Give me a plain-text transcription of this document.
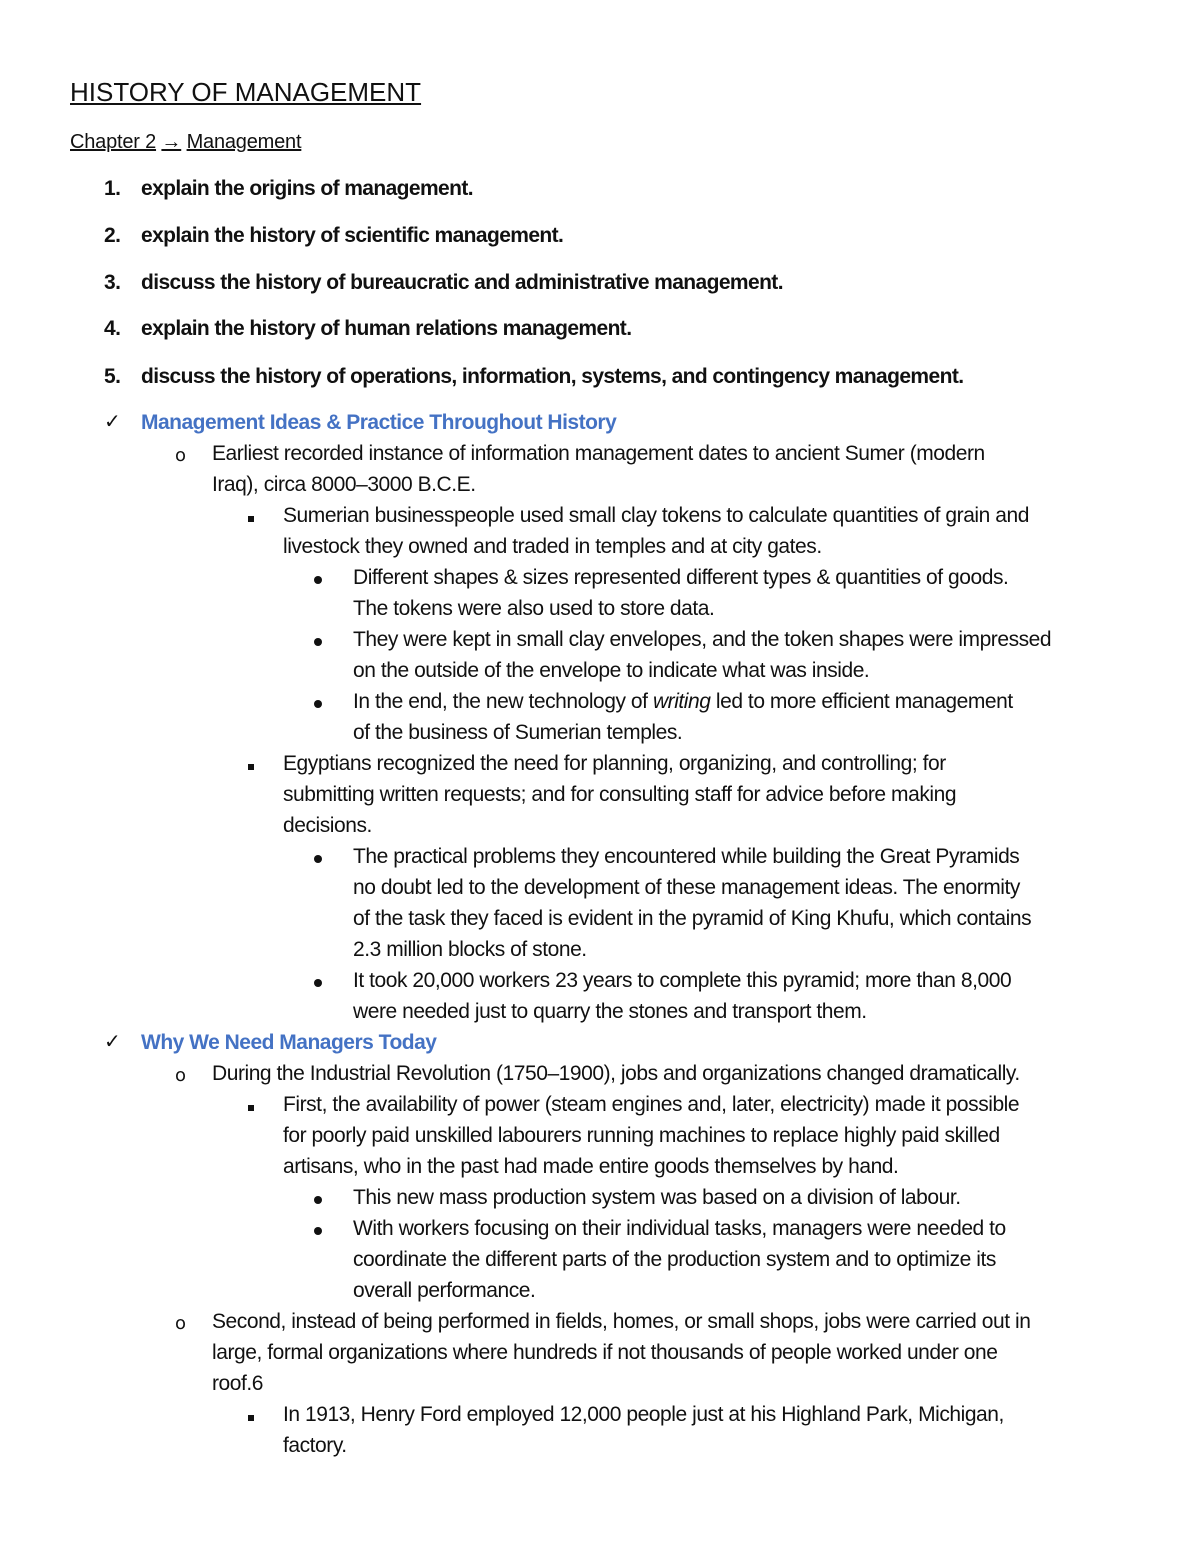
HISTORY OF MANAGEMENT
Chapter 2 → Management
1. explain the origins of management.
2. explain the history of scientific management.
3. discuss the history of bureaucratic and administrative management.
4. explain the history of human relations management.
5. discuss the history of operations, information, systems, and contingency management.
✓ Management Ideas & Practice Throughout History
o Earliest recorded instance of information management dates to ancient Sumer (modern
Iraq), circa 8000–3000 B.C.E.
Sumerian businesspeople used small clay tokens to calculate quantities of grain and
livestock they owned and traded in temples and at city gates.
Different shapes & sizes represented different types & quantities of goods.
The tokens were also used to store data.
They were kept in small clay envelopes, and the token shapes were impressed
on the outside of the envelope to indicate what was inside.
In the end, the new technology of writing led to more efficient management
of the business of Sumerian temples.
Egyptians recognized the need for planning, organizing, and controlling; for
submitting written requests; and for consulting staff for advice before making
decisions.
The practical problems they encountered while building the Great Pyramids
no doubt led to the development of these management ideas. The enormity
of the task they faced is evident in the pyramid of King Khufu, which contains
2.3 million blocks of stone.
It took 20,000 workers 23 years to complete this pyramid; more than 8,000
were needed just to quarry the stones and transport them.
✓ Why We Need Managers Today
o During the Industrial Revolution (1750–1900), jobs and organizations changed dramatically.
First, the availability of power (steam engines and, later, electricity) made it possible
for poorly paid unskilled labourers running machines to replace highly paid skilled
artisans, who in the past had made entire goods themselves by hand.
This new mass production system was based on a division of labour.
With workers focusing on their individual tasks, managers were needed to
coordinate the different parts of the production system and to optimize its
overall performance.
o Second, instead of being performed in fields, homes, or small shops, jobs were carried out in
large, formal organizations where hundreds if not thousands of people worked under one
roof.6
In 1913, Henry Ford employed 12,000 people just at his Highland Park, Michigan,
factory.
